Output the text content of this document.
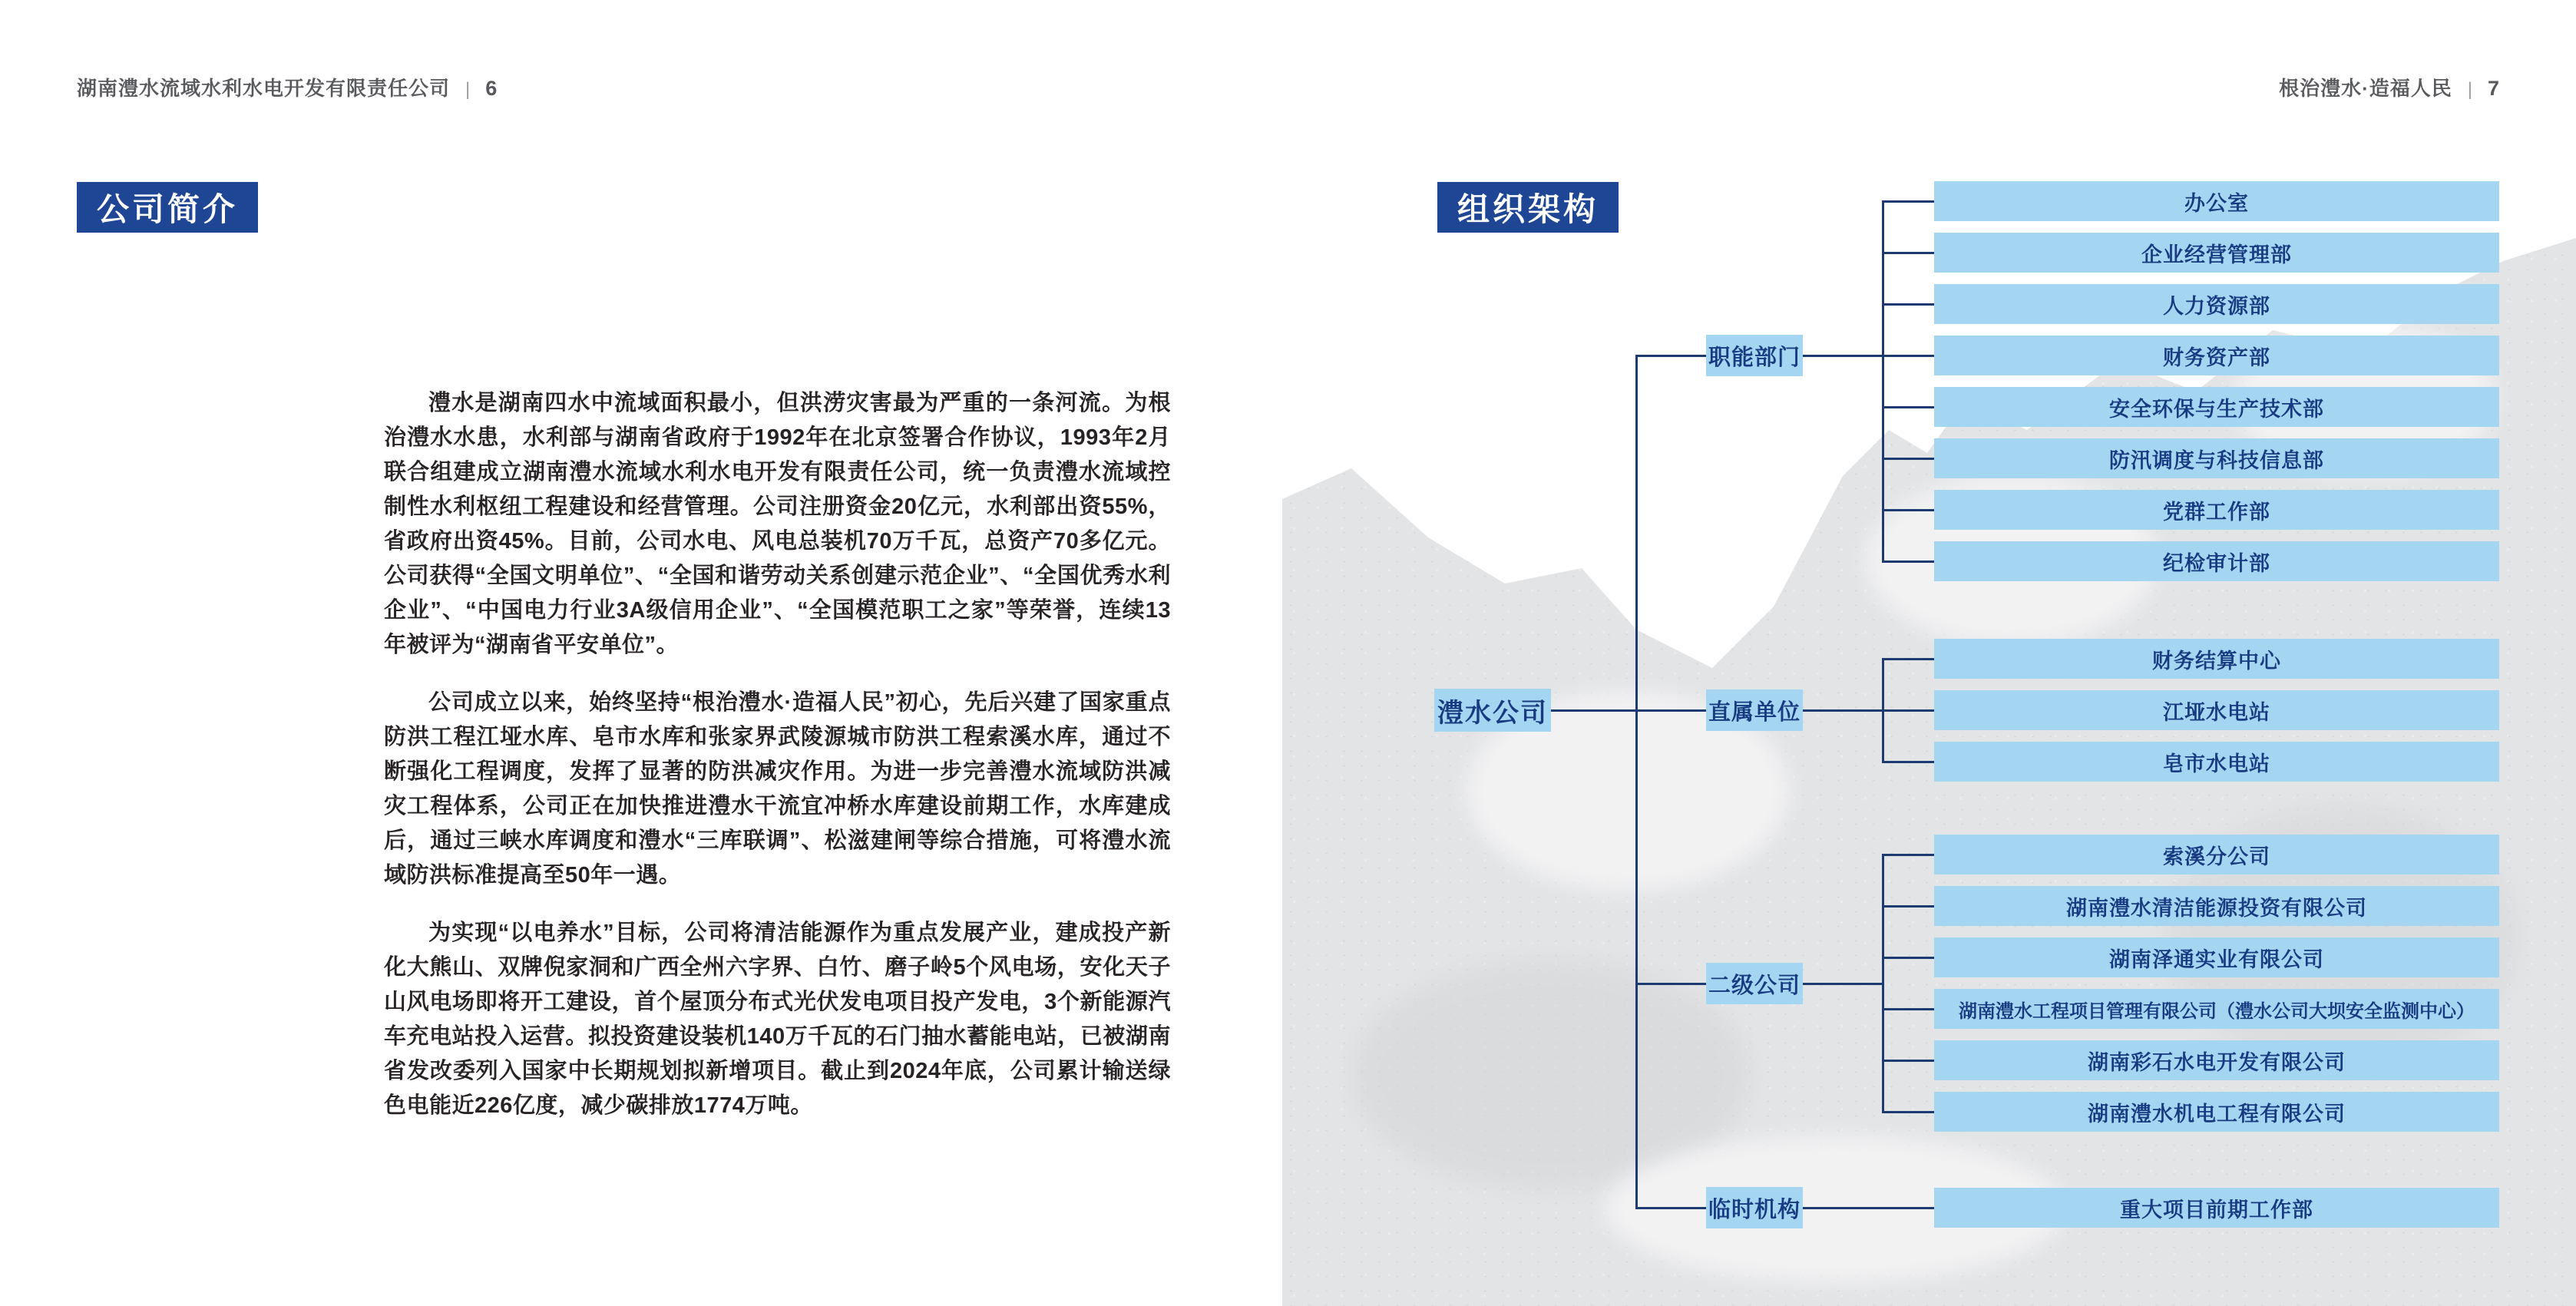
湖南澧水流域水利水电开发有限责任公司 | 6	根治澧水·造福人民 | 7
公司简介	组织架构

澧水是湖南四水中流域面积最小，但洪涝灾害最为严重的一条河流。为根治澧水水患，水利部与湖南省政府于1992年在北京签署合作协议，1993年2月联合组建成立湖南澧水流域水利水电开发有限责任公司，统一负责澧水流域控制性水利枢纽工程建设和经营管理。公司注册资金20亿元，水利部出资55%，省政府出资45%。目前，公司水电、风电总装机70万千瓦，总资产70多亿元。公司获得“全国文明单位”、“全国和谐劳动关系创建示范企业”、“全国优秀水利企业”、“中国电力行业3A级信用企业”、“全国模范职工之家”等荣誉，连续13年被评为“湖南省平安单位”。

公司成立以来，始终坚持“根治澧水·造福人民”初心，先后兴建了国家重点防洪工程江垭水库、皂市水库和张家界武陵源城市防洪工程索溪水库，通过不断强化工程调度，发挥了显著的防洪减灾作用。为进一步完善澧水流域防洪减灾工程体系，公司正在加快推进澧水干流宜冲桥水库建设前期工作，水库建成后，通过三峡水库调度和澧水“三库联调”、松滋建闸等综合措施，可将澧水流域防洪标准提高至50年一遇。

为实现“以电养水”目标，公司将清洁能源作为重点发展产业，建成投产新化大熊山、双牌倪家洞和广西全州六字界、白竹、磨子岭5个风电场，安化天子山风电场即将开工建设，首个屋顶分布式光伏发电项目投产发电，3个新能源汽车充电站投入运营。拟投资建设装机140万千瓦的石门抽水蓄能电站，已被湖南省发改委列入国家中长期规划拟新增项目。截止到2024年底，公司累计输送绿色电能近226亿度，减少碳排放1774万吨。

澧水公司
职能部门
办公室
企业经营管理部
人力资源部
财务资产部
安全环保与生产技术部
防汛调度与科技信息部
党群工作部
纪检审计部
直属单位
财务结算中心
江垭水电站
皂市水电站
二级公司
索溪分公司
湖南澧水清洁能源投资有限公司
湖南泽通实业有限公司
湖南澧水工程项目管理有限公司（澧水公司大坝安全监测中心）
湖南彩石水电开发有限公司
湖南澧水机电工程有限公司
临时机构	重大项目前期工作部
